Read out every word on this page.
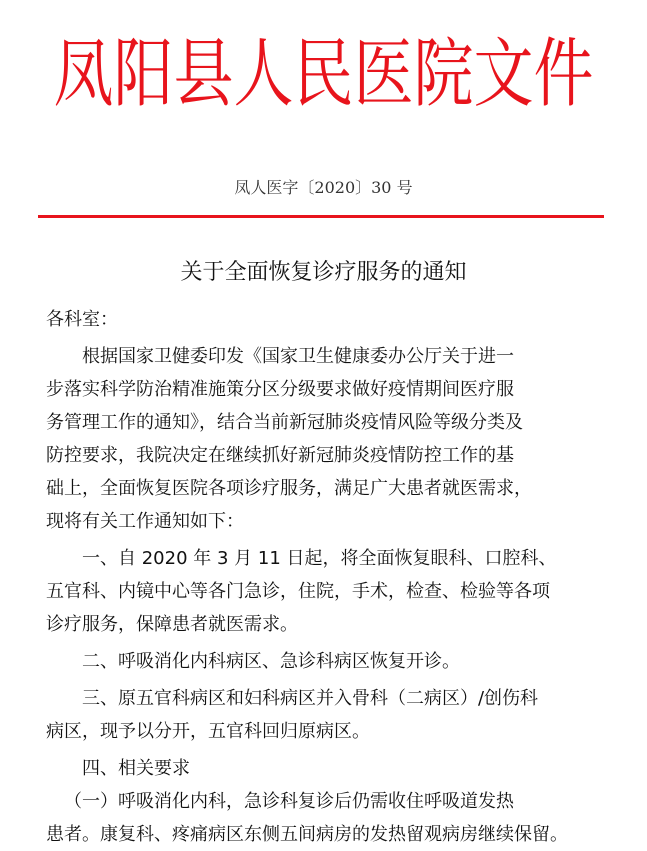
凤阳县人民医院文件
凤人医字〔2020〕30 号
关于全面恢复诊疗服务的通知

各科室：

根据国家卫健委印发《国家卫生健康委办公厅关于进一

步落实科学防治精准施策分区分级要求做好疫情期间医疗服

务管理工作的通知》，结合当前新冠肺炎疫情风险等级分类及

防控要求，我院决定在继续抓好新冠肺炎疫情防控工作的基

础上，全面恢复医院各项诊疗服务，满足广大患者就医需求，

现将有关工作通知如下：

一、自 2020 年 3 月 11 日起，将全面恢复眼科、口腔科、

五官科、内镜中心等各门急诊，住院，手术，检查、检验等各项

诊疗服务，保障患者就医需求。

二、呼吸消化内科病区、急诊科病区恢复开诊。

三、原五官科病区和妇科病区并入骨科（二病区）/创伤科

病区，现予以分开，五官科回归原病区。

四、相关要求

（一）呼吸消化内科，急诊科复诊后仍需收住呼吸道发热

患者。康复科、疼痛病区东侧五间病房的发热留观病房继续保留。
